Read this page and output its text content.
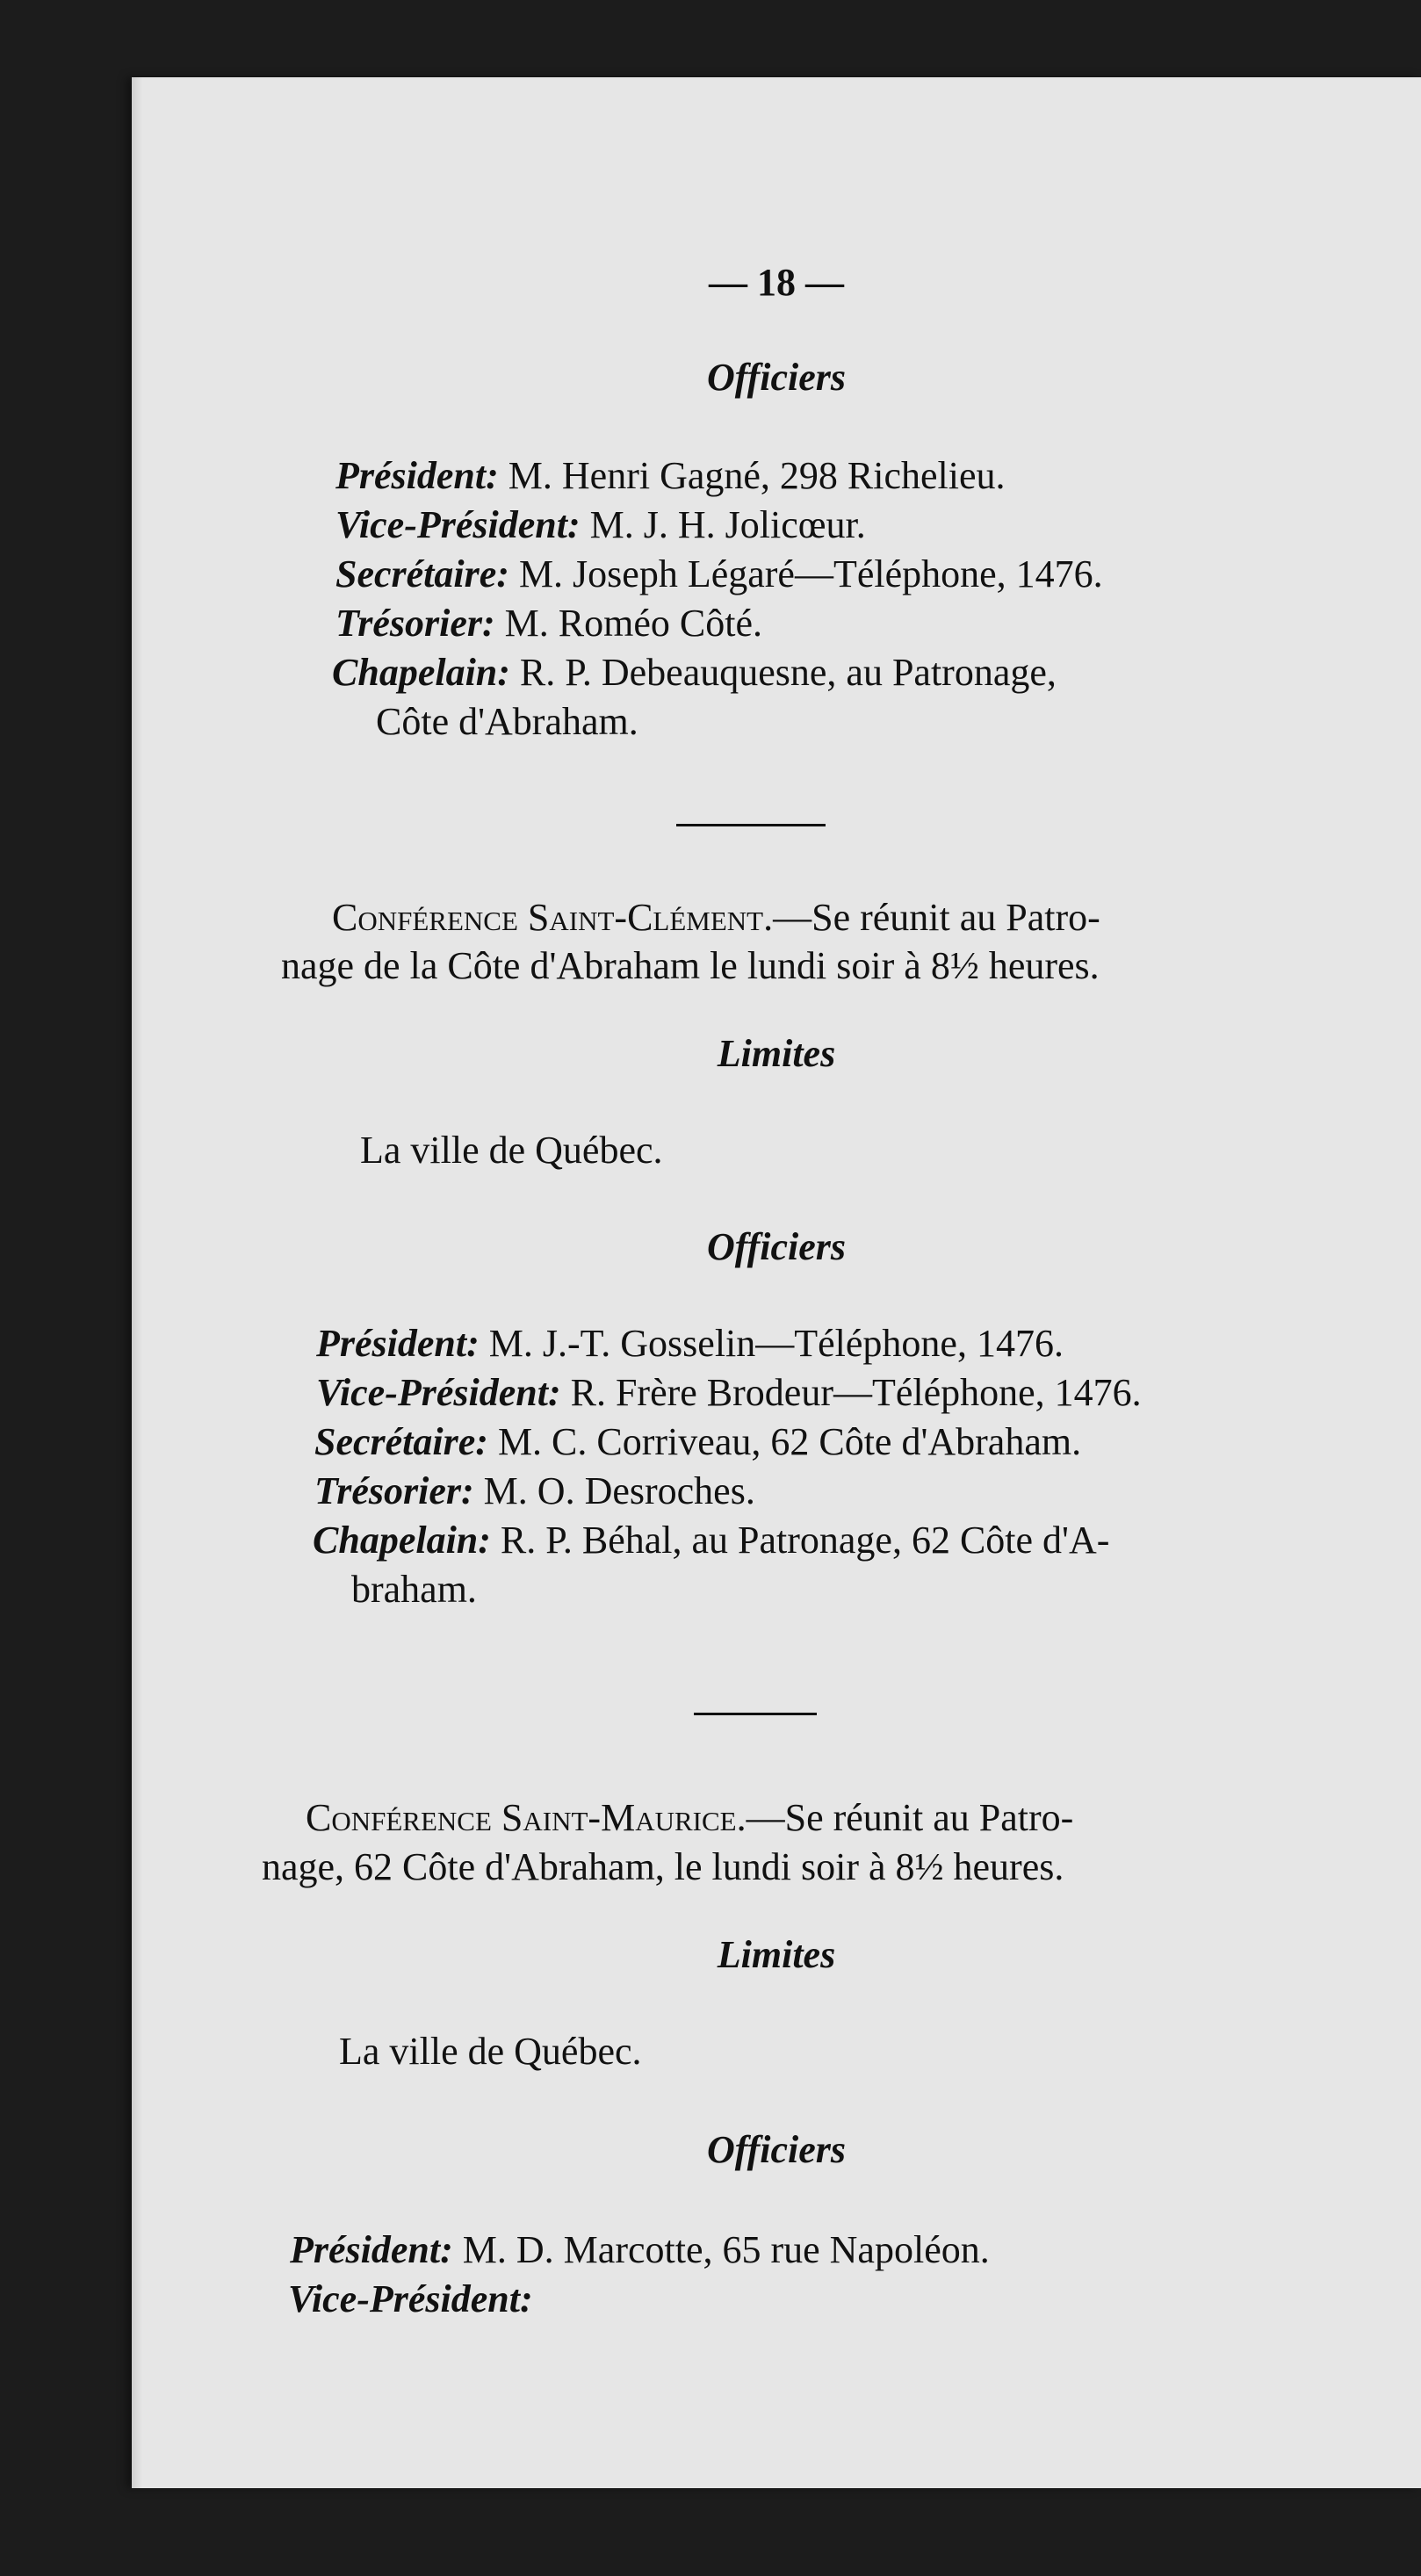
— 18 —
Officiers
Président: M. Henri Gagné, 298 Richelieu.
Vice-Président: M. J. H. Jolicœur.
Secrétaire: M. Joseph Légaré—Téléphone, 1476.
Trésorier: M. Roméo Côté.
Chapelain: R. P. Debeauquesne, au Patronage,
Côte d'Abraham.
Conférence Saint-Clément.—Se réunit au Patro-
nage de la Côte d'Abraham le lundi soir à 8½ heures.
Limites
La ville de Québec.
Officiers
Président: M. J.-T. Gosselin—Téléphone, 1476.
Vice-Président: R. Frère Brodeur—Téléphone, 1476.
Secrétaire: M. C. Corriveau, 62 Côte d'Abraham.
Trésorier: M. O. Desroches.
Chapelain: R. P. Béhal, au Patronage, 62 Côte d'A-
braham.
Conférence Saint-Maurice.—Se réunit au Patro-
nage, 62 Côte d'Abraham, le lundi soir à 8½ heures.
Limites
La ville de Québec.
Officiers
Président: M. D. Marcotte, 65 rue Napoléon.
Vice-Président:
